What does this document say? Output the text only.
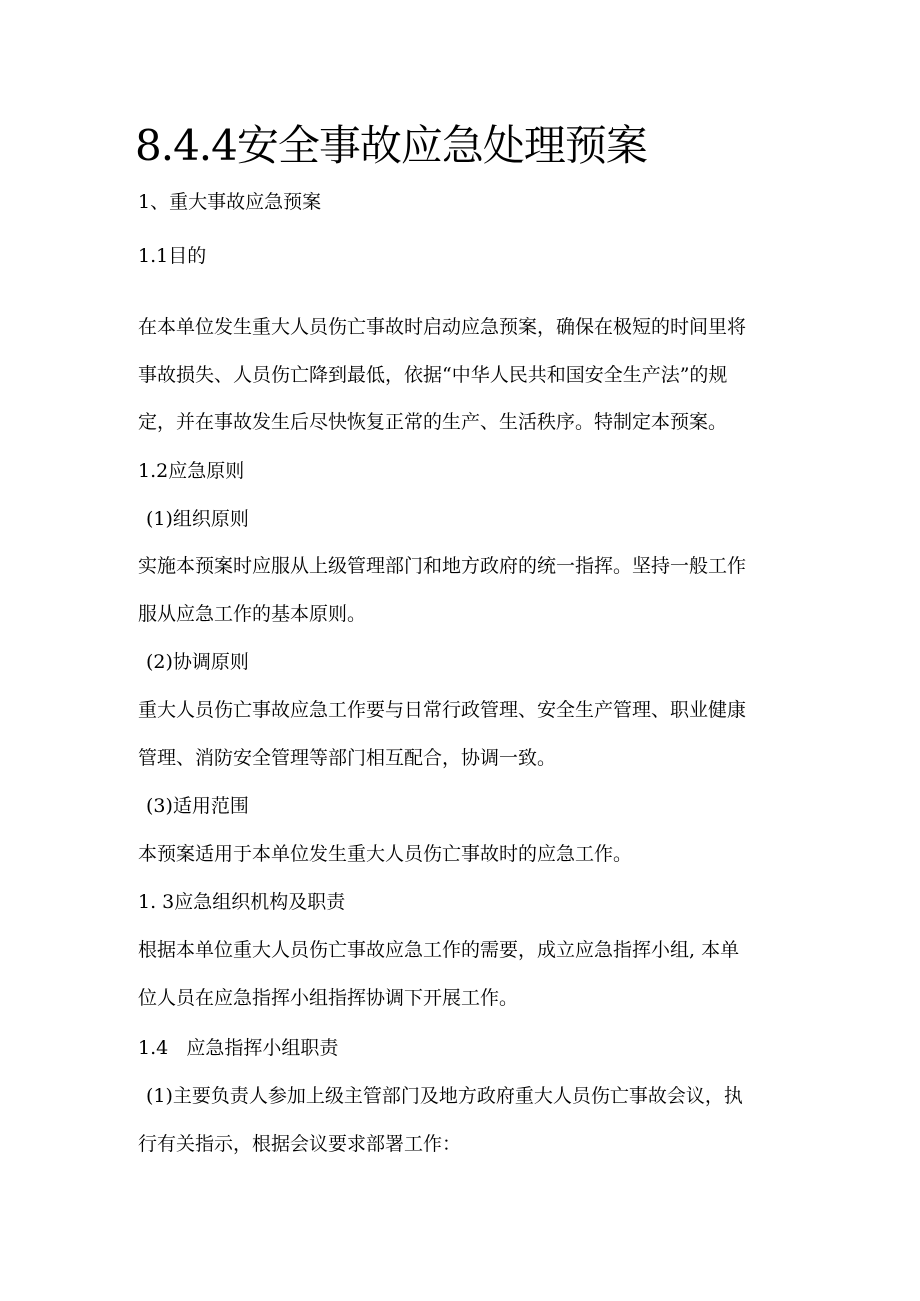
8.4.4安全事故应急处理预案

1、重大事故应急预案

1.1目的

在本单位发生重大人员伤亡事故时启动应急预案，确保在极短的时间里将

事故损失、人员伤亡降到最低，依据“中华人民共和国安全生产法”的规

定，并在事故发生后尽快恢复正常的生产、生活秩序。特制定本预案。

1.2应急原则

(1)组织原则

实施本预案时应服从上级管理部门和地方政府的统一指挥。坚持一般工作

服从应急工作的基本原则。

(2)协调原则

重大人员伤亡事故应急工作要与日常行政管理、安全生产管理、职业健康

管理、消防安全管理等部门相互配合，协调一致。

(3)适用范围

本预案适用于本单位发生重大人员伤亡事故时的应急工作。

1. 3应急组织机构及职责

根据本单位重大人员伤亡事故应急工作的需要，成立应急指挥小组, 本单

位人员在应急指挥小组指挥协调下开展工作。

1.4   应急指挥小组职责

(1)主要负责人参加上级主管部门及地方政府重大人员伤亡事故会议，执

行有关指示，根据会议要求部署工作：
